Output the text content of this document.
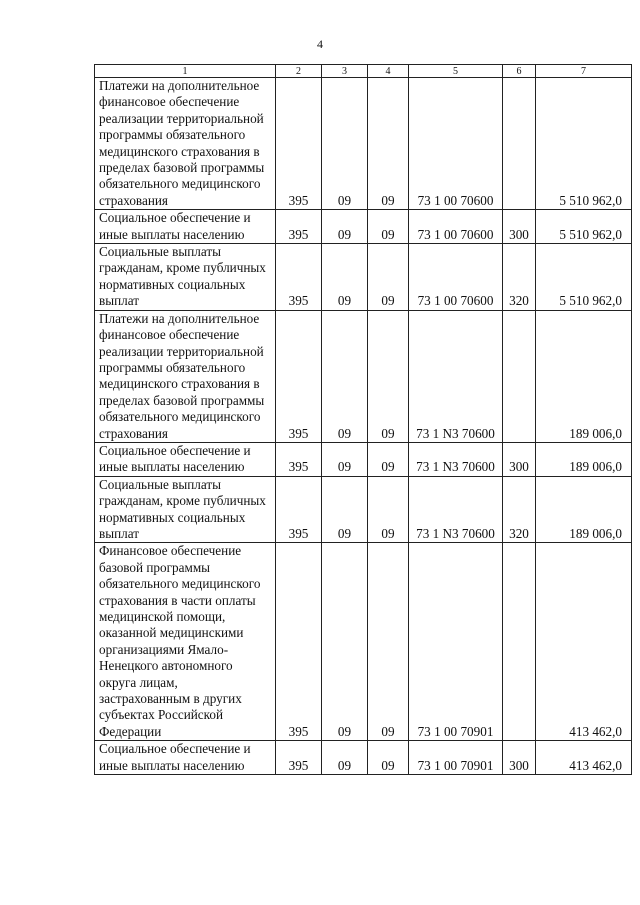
4
1	2	3	4	5	6	7
Платежи на дополнительное финансовое обеспечение реализации территориальной программы обязательного медицинского страхования в пределах базовой программы обязательного медицинского страхования	395	09	09	73 1 00 70600		5 510 962,0
Социальное обеспечение и иные выплаты населению	395	09	09	73 1 00 70600	300	5 510 962,0
Социальные выплаты гражданам, кроме публичных нормативных социальных выплат	395	09	09	73 1 00 70600	320	5 510 962,0
Платежи на дополнительное финансовое обеспечение реализации территориальной программы обязательного медицинского страхования в пределах базовой программы обязательного медицинского страхования	395	09	09	73 1 N3 70600		189 006,0
Социальное обеспечение и иные выплаты населению	395	09	09	73 1 N3 70600	300	189 006,0
Социальные выплаты гражданам, кроме публичных нормативных социальных выплат	395	09	09	73 1 N3 70600	320	189 006,0
Финансовое обеспечение базовой программы обязательного медицинского страхования в части оплаты медицинской помощи, оказанной медицинскими организациями Ямало-Ненецкого автономного округа лицам, застрахованным в других субъектах Российской Федерации	395	09	09	73 1 00 70901		413 462,0
Социальное обеспечение и иные выплаты населению	395	09	09	73 1 00 70901	300	413 462,0
